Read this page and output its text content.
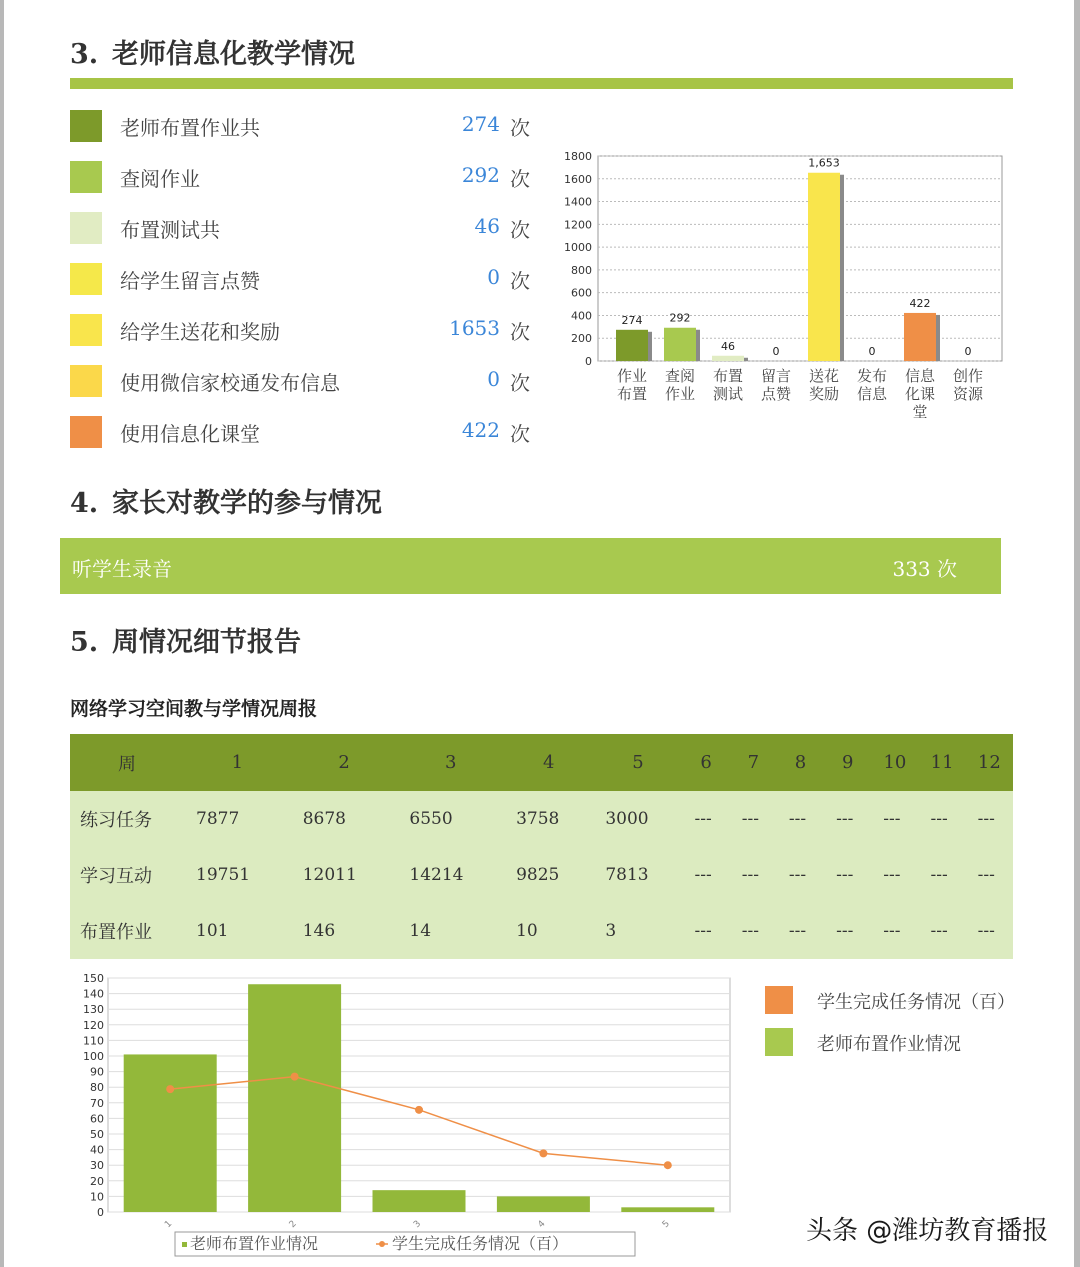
3. 老师信息化教学情况
老师布置作业共	274 次
查阅作业	292 次
布置测试共	46 次
给学生留言点赞	0 次
给学生送花和奖励	1653 次
使用微信家校通发布信息	0 次
使用信息化课堂	422 次
0
200
400
600
800
1000
1200
1400
1600
1800
274
作业布置
292
查阅作业
46
布置测试
0
留言点赞
1,653
送花奖励
0
发布信息
422
信息化课堂
0
创作资源
4. 家长对教学的参与情况
听学生录音	333 次
5. 周情况细节报告
网络学习空间教与学情况周报
周	1	2	3	4	5	6	7	8	9	10	11	12
练习任务	7877	8678	6550	3758	3000	---	---	---	---	---	---	---
学习互动	19751	12011	14214	9825	7813	---	---	---	---	---	---	---
布置作业	101	146	14	10	3	---	---	---	---	---	---	---
0
10
20
30
40
50
60
70
80
90
100
110
120
130
140
150
1	2	3	4	5
老师布置作业情况	学生完成任务情况（百）
学生完成任务情况（百）
老师布置作业情况
头条 @潍坊教育播报
